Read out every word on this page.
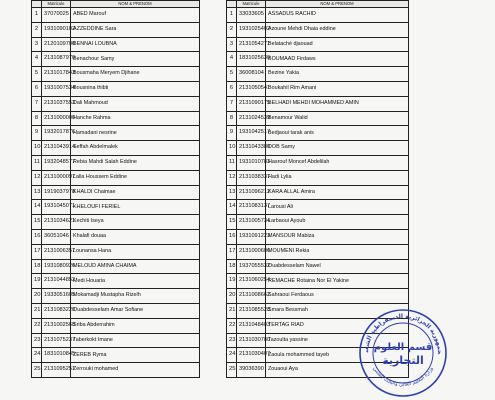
	Matricule	NOM & PRENOM
1	37070025	ABED Marouf
2	1931090102	AZZEDDINE Sara
3	2120109706	BENNAI LOUBNA
4	2131087970	Benachour Samy
5	2131017843	Bousmaha Meryem Djihane
6	1931007534	Bousnina thibti
7	2131037553	Dali Mahmoud
8	2131000000	Hanche Rahma
9	1932017876	Hamadani nesrine
10	2131043914	Seffah Abdelmalek
11	1932048577	Rebia Mahdi Salah Eddine
12	2131000097	Lalla Houssem Eddine
13	1919037978	KHALDI Chaimae
14	1931045071	KHELOUFI FERIEL
15	2131034621	Kechiti Iseya
16	36051046	Khalafi douaa
17	2131006357	Lounansa Hana
18	1931080926	MELOUD AMINA CHAIMA
19	2131044852	Medi Houaria
20	1933051605	Mokamadji Mustapha Rizelh
21	2131083220	Ouabdesselam Amar Sofiane
22	2131002568	Sriba Abderrahim
23	2131075237	Taberkokt Imane
24	1831010845	ZEREB Ryma
25	2131095251	Zerrouki mohamed
	Matricule	NOM & PRENOM
1	33033605	ASSADUS RACHID
2	1931025402	Azoune Mehdi Dhaia eddine
3	2131054271	Belataché djaouad
4	1831025630	BOUMAAD Firdaws
5	36008104	Bezine Yakia
6	2131050541	Boukahil Rim Amani
7	2131090175	BELHADI MEHDI MOHAMMED AMIN
8	2131024539	Benamour Walid
9	1931042517	Bedjaoui tarak anis
10	2131043380	DOB Samy
11	1931010783	Hasrouf Moncef Abdelilah
12	2131038337	Hadi Lylia
13	2131096212	KARA ALLAL Amira
14	2131083137	Larousi Ali
15	2131005734	Larbaoui Ayoub
16	1931091223	MANSOUR Mabiza
17	2131000606	MOUMENI Rekia
18	1937055532	Ouabdesselam Nawel
19	2131060254	REMACHE Rotaina Nor El Yakine
20	2131008662	Sahraoui Ferdaous
21	2131085528	Smara Bessmah
22	2131048403	TERTAG RIAD
23	2131030780	Tazoulta yassine
24	2131030407	Zaoula mohammed tayeb
25	39036390	Zouaoui Aya
جمهورية الجزائرية الديمقراطية الشعب قسم العلوم
التجارية
وزارة التعليم العالي والبحث العلمي
